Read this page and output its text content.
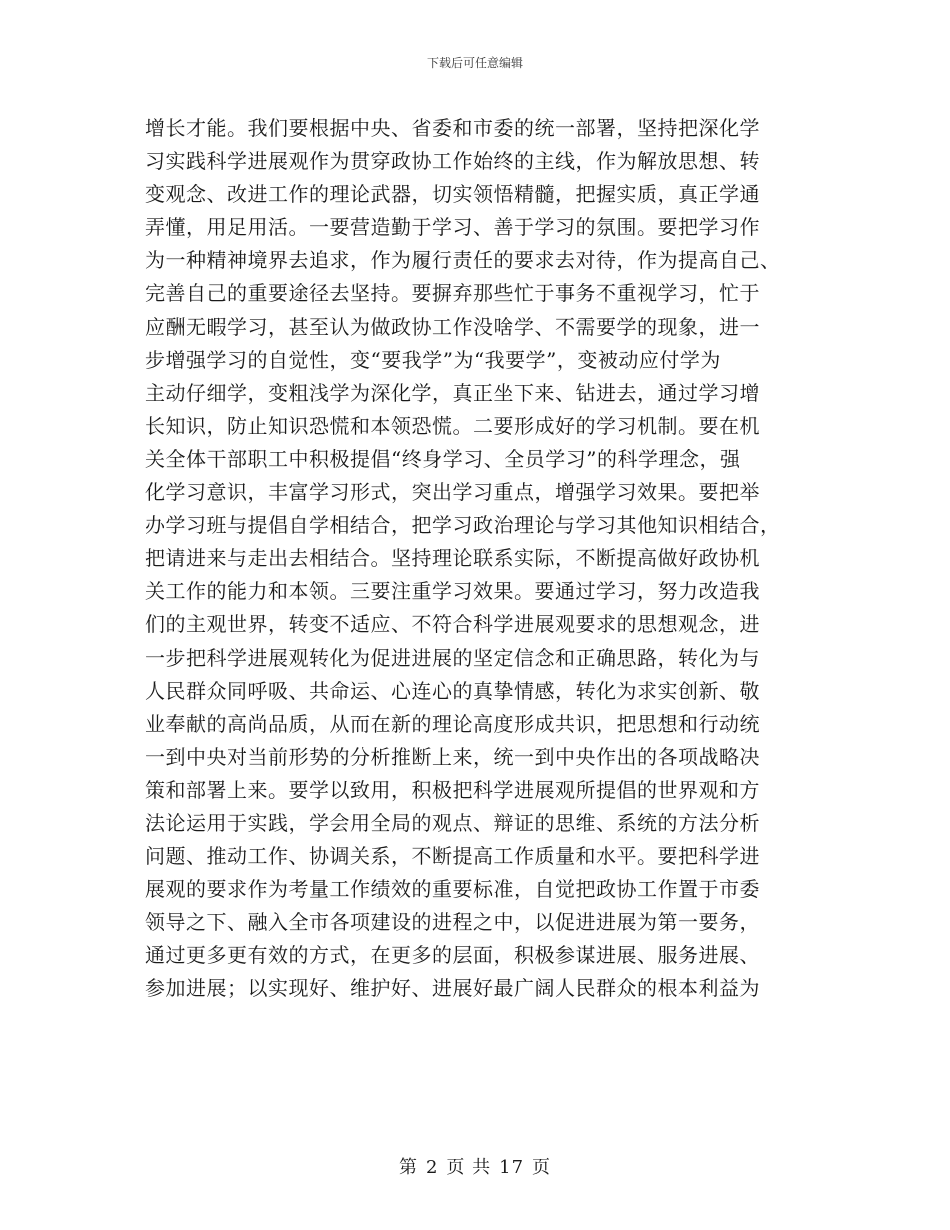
下载后可任意编辑
增长才能。我们要根据中央、省委和市委的统一部署，坚持把深化学
习实践科学进展观作为贯穿政协工作始终的主线，作为解放思想、转
变观念、改进工作的理论武器，切实领悟精髓，把握实质，真正学通
弄懂，用足用活。一要营造勤于学习、善于学习的氛围。要把学习作
为一种精神境界去追求，作为履行责任的要求去对待，作为提高自己、
完善自己的重要途径去坚持。要摒弃那些忙于事务不重视学习，忙于
应酬无暇学习，甚至认为做政协工作没啥学、不需要学的现象，进一
步增强学习的自觉性，变“要我学”为“我要学”，变被动应付学为
主动仔细学，变粗浅学为深化学，真正坐下来、钻进去，通过学习增
长知识，防止知识恐慌和本领恐慌。二要形成好的学习机制。要在机
关全体干部职工中积极提倡“终身学习、全员学习”的科学理念，强
化学习意识，丰富学习形式，突出学习重点，增强学习效果。要把举
办学习班与提倡自学相结合，把学习政治理论与学习其他知识相结合，
把请进来与走出去相结合。坚持理论联系实际，不断提高做好政协机
关工作的能力和本领。三要注重学习效果。要通过学习，努力改造我
们的主观世界，转变不适应、不符合科学进展观要求的思想观念，进
一步把科学进展观转化为促进进展的坚定信念和正确思路，转化为与
人民群众同呼吸、共命运、心连心的真挚情感，转化为求实创新、敬
业奉献的高尚品质，从而在新的理论高度形成共识，把思想和行动统
一到中央对当前形势的分析推断上来，统一到中央作出的各项战略决
策和部署上来。要学以致用，积极把科学进展观所提倡的世界观和方
法论运用于实践，学会用全局的观点、辩证的思维、系统的方法分析
问题、推动工作、协调关系，不断提高工作质量和水平。要把科学进
展观的要求作为考量工作绩效的重要标准，自觉把政协工作置于市委
领导之下、融入全市各项建设的进程之中，以促进进展为第一要务，
通过更多更有效的方式，在更多的层面，积极参谋进展、服务进展、
参加进展；以实现好、维护好、进展好最广阔人民群众的根本利益为
第 2 页 共 17 页
